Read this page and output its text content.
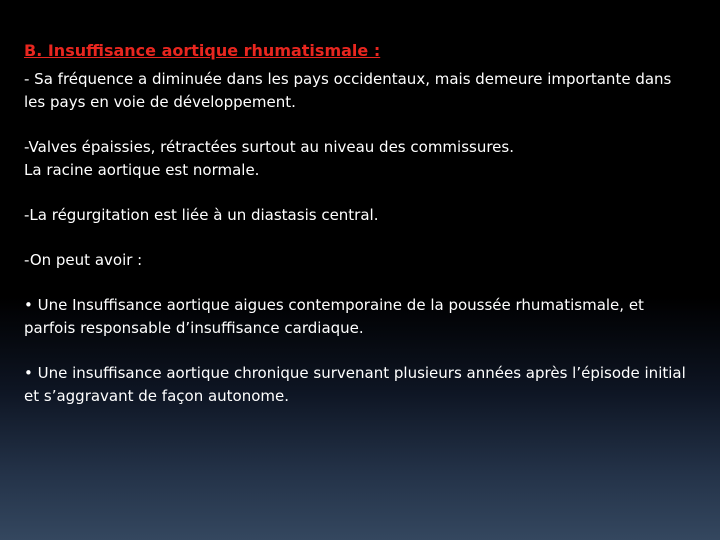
B. Insuffisance aortique rhumatismale :

- Sa fréquence a diminuée dans les pays occidentaux, mais demeure importante dans les pays en voie de développement.

-Valves épaissies, rétractées surtout au niveau des commissures.

La racine aortique est normale.

-La régurgitation est liée à un diastasis central.

-On peut avoir :

• Une Insuffisance aortique aigues contemporaine de la poussée rhumatismale, et parfois responsable d’insuffisance cardiaque.

• Une insuffisance aortique chronique survenant plusieurs années après l’épisode initial et s’aggravant de façon autonome.
